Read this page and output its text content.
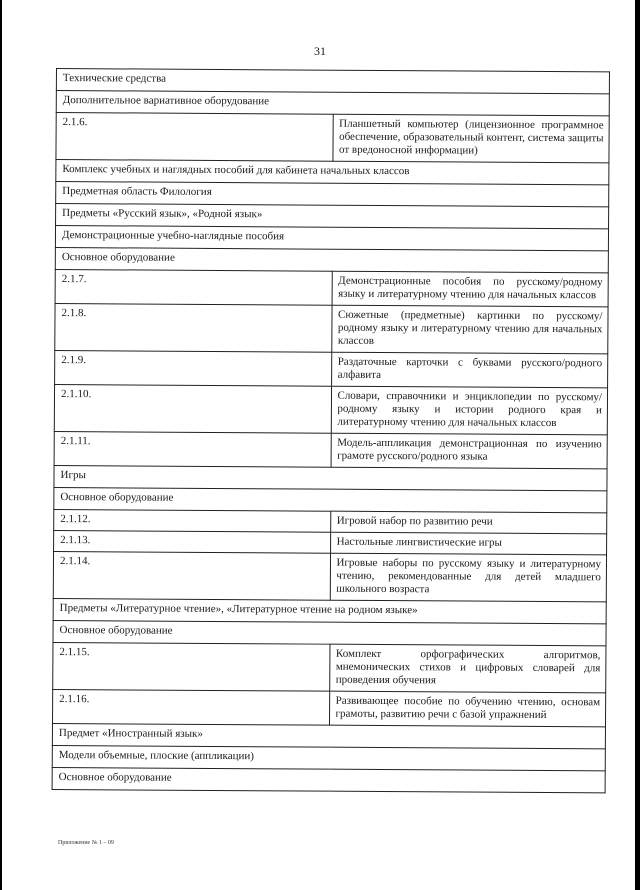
31
Технические средства	
Дополнительное вариативное оборудование	
2.1.6.	Планшетный компьютер (лицензионное программное обеспечение, образовательный контент, система защиты от вредоносной информации)
Комплекс учебных и наглядных пособий для кабинета начальных классов	
Предметная область Филология	
Предметы «Русский язык», «Родной язык»	
Демонстрационные учебно-наглядные пособия	
Основное оборудование	
2.1.7.	Демонстрационные пособия по русскому/родному языку и литературному чтению для начальных классов
2.1.8.	Сюжетные (предметные) картинки по русскому/родному языку и литературному чтению для начальных классов
2.1.9.	Раздаточные карточки с буквами русского/родного алфавита
2.1.10.	Словари, справочники и энциклопедии по русскому/родному языку и истории родного края и литературному чтению для начальных классов
2.1.11.	Модель-аппликация демонстрационная по изучению грамоте русского/родного языка
Игры	
Основное оборудование	
2.1.12.	Игровой набор по развитию речи
2.1.13.	Настольные лингвистические игры
2.1.14.	Игровые наборы по русскому языку и литературному чтению, рекомендованные для детей младшего школьного возраста
Предметы «Литературное чтение», «Литературное чтение на родном языке»	
Основное оборудование	
2.1.15.	Комплект орфографических алгоритмов, мнемонических стихов и цифровых словарей для проведения обучения
2.1.16.	Развивающее пособие по обучению чтению, основам грамоты, развитию речи с базой упражнений
Предмет «Иностранный язык»	
Модели объемные, плоские (аппликации)	
Основное оборудование	
Приложение № 1 – 09
